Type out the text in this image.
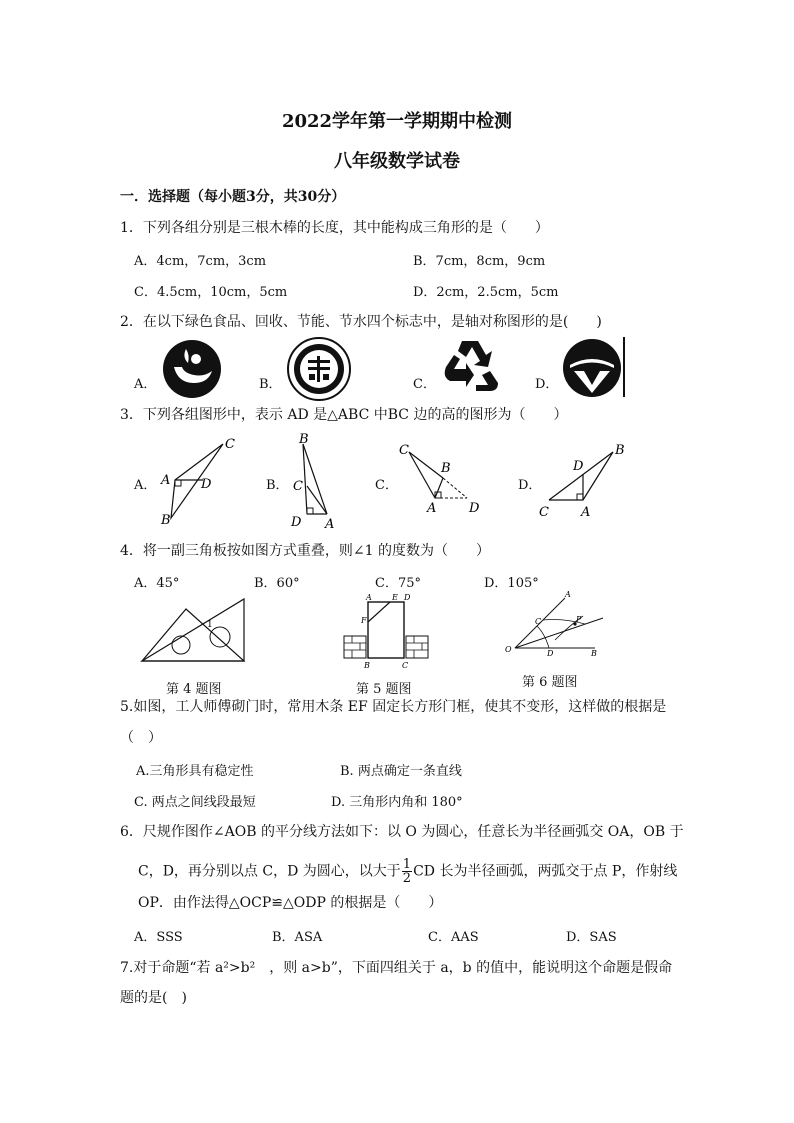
2022学年第一学期期中检测
八年级数学试卷
一．选择题（每小题3分，共30分）
1．下列各组分别是三根木棒的长度，其中能构成三角形的是（　　）
A．4cm，7cm，3cm	B．7cm，8cm，9cm
C．4.5cm，10cm，5cm	D．2cm，2.5cm，5cm
2．在以下绿色食品、回收、节能、节水四个标志中，是轴对称图形的是(　　)
A．	B．	C．	D．
3．下列各组图形中，表示 AD 是△ABC 中BC 边的高的图形为（　　）
A．	B．	C．	D．
A
C
D
B
B
C
D A
C
B
A	D
B
D
C A
4．将一副三角板按如图方式重叠，则∠1 的度数为（　　）
A．45°	B．60°	C．75°	D．105°
1
A	E D
F
B	C
A
C	P
O	D	B
第 4 题图	第 5 题图	第 6 题图
5.如图，工人师傅砌门时，常用木条 EF 固定长方形门框，使其不变形，这样做的根据是
（　）
A.三角形具有稳定性	B. 两点确定一条直线
C. 两点之间线段最短	D. 三角形内角和 180°
6．尺规作图作∠AOB 的平分线方法如下：以 O 为圆心，任意长为半径画弧交 OA，OB 于
C，D，再分别以点 C，D 为圆心，以大于 $\frac{1}{2}$ CD 长为半径画弧，两弧交于点 P，作射线
OP．由作法得△OCP≌△ODP 的根据是（　　）
A．SSS	B．ASA	C．AAS	D．SAS
7.对于命题“若 a²>b²　，则 a>b”，下面四组关于 a，b 的值中，能说明这个命题是假命
题的是(　)
